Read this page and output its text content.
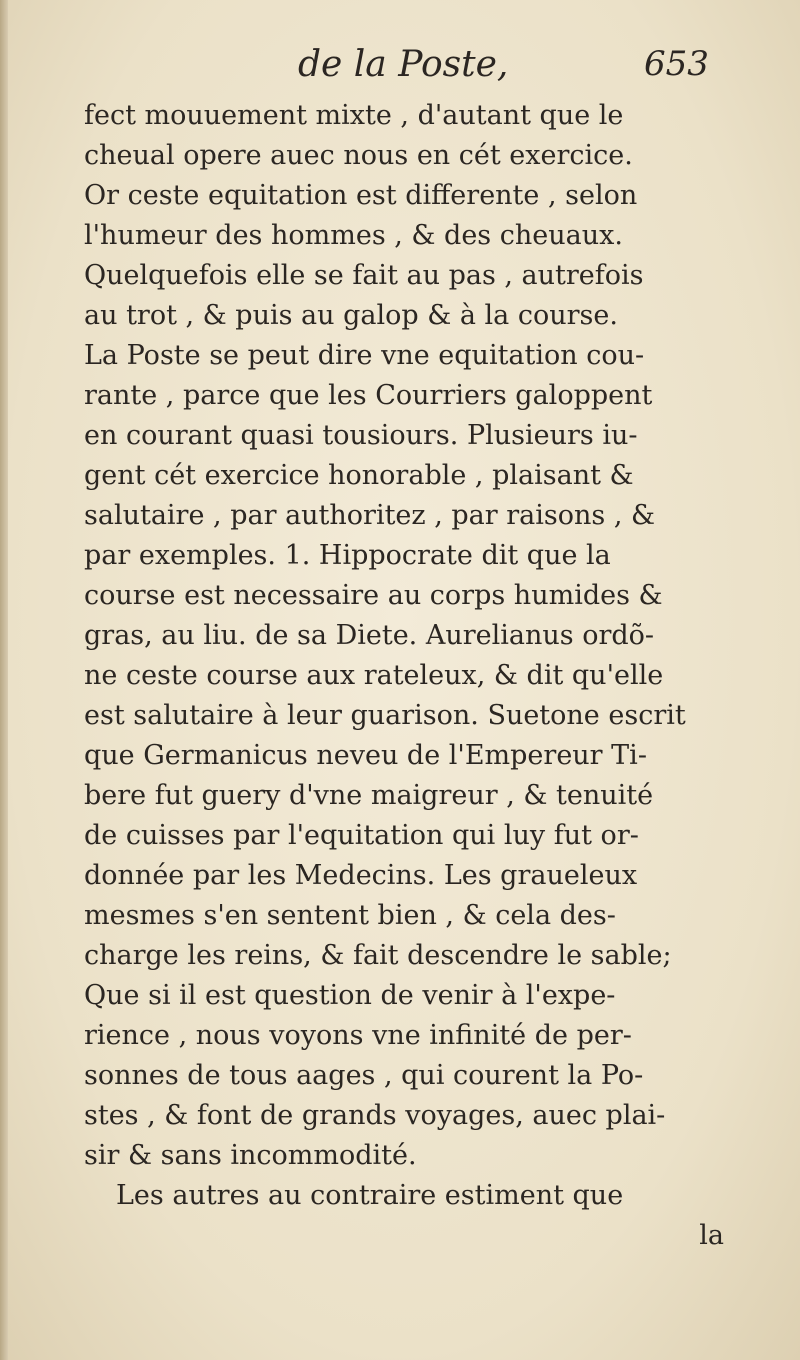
de la Poste,	653
fect mouuement mixte , d'autant que le
cheual opere auec nous en cét exercice.
Or ceste equitation est differente , selon
l'humeur des hommes , & des cheuaux.
Quelquefois elle se fait au pas , autrefois
au trot , & puis au galop & à la course.
La Poste se peut dire vne equitation cou-
rante , parce que les Courriers galoppent
en courant quasi tousiours. Plusieurs iu-
gent cét exercice honorable , plaisant &
salutaire , par authoritez , par raisons , &
par exemples. 1. Hippocrate dit que la
course est necessaire au corps humides &
gras, au liu. de sa Diete. Aurelianus ordõ-
ne ceste course aux rateleux, & dit qu'elle
est salutaire à leur guarison. Suetone escrit
que Germanicus neveu de l'Empereur Ti-
bere fut guery d'vne maigreur , & tenuité
de cuisses par l'equitation qui luy fut or-
donnée par les Medecins. Les graueleux
mesmes s'en sentent bien , & cela des-
charge les reins, & fait descendre le sable;
Que si il est question de venir à l'expe-
rience , nous voyons vne infinité de per-
sonnes de tous aages , qui courent la Po-
stes , & font de grands voyages, auec plai-
sir & sans incommodité.
Les autres au contraire estiment que
la
